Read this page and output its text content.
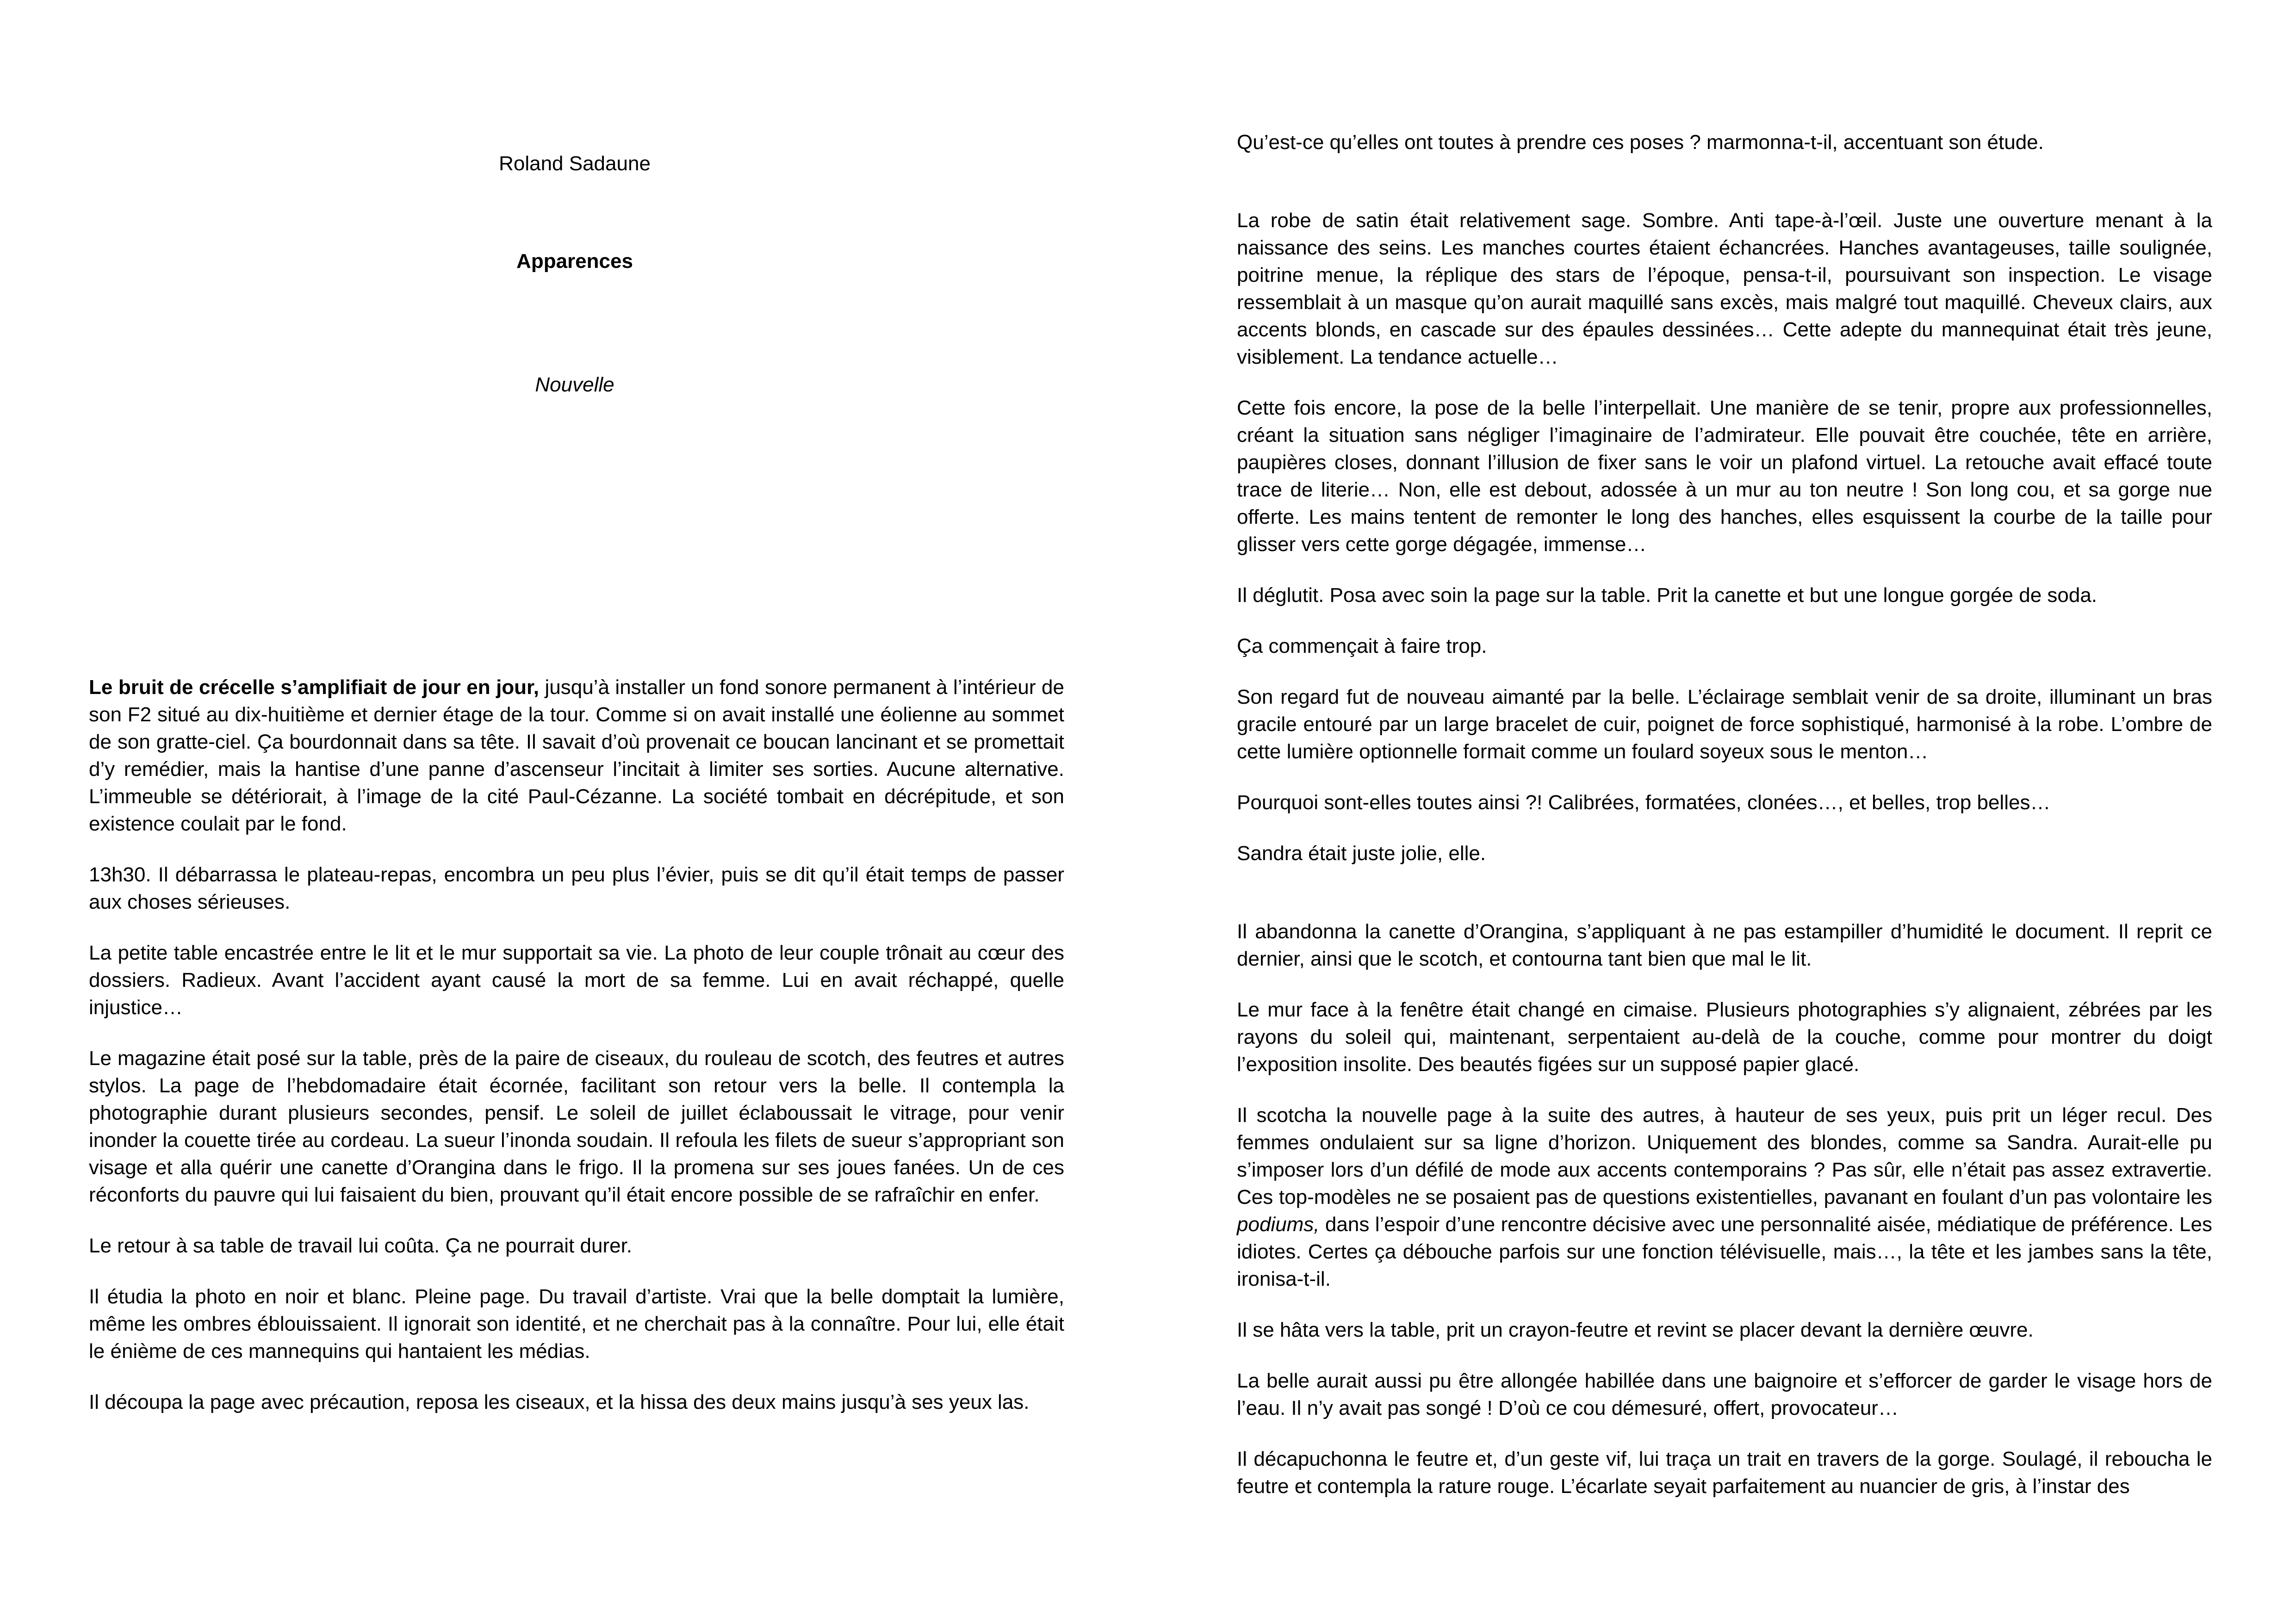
Roland Sadaune
Apparences
Nouvelle

Le bruit de crécelle s’amplifiait de jour en jour, jusqu’à installer un fond sonore permanent à l’intérieur de son F2 situé au dix-huitième et dernier étage de la tour. Comme si on avait installé une éolienne au sommet de son gratte-ciel. Ça bourdonnait dans sa tête. Il savait d’où provenait ce boucan lancinant et se promettait d’y remédier, mais la hantise d’une panne d’ascenseur l’incitait à limiter ses sorties. Aucune alternative. L’immeuble se détériorait, à l’image de la cité Paul-Cézanne. La société tombait en décrépitude, et son existence coulait par le fond.

13h30. Il débarrassa le plateau-repas, encombra un peu plus l’évier, puis se dit qu’il était temps de passer aux choses sérieuses.

La petite table encastrée entre le lit et le mur supportait sa vie. La photo de leur couple trônait au cœur des dossiers. Radieux. Avant l’accident ayant causé la mort de sa femme. Lui en avait réchappé, quelle injustice…

Le magazine était posé sur la table, près de la paire de ciseaux, du rouleau de scotch, des feutres et autres stylos. La page de l’hebdomadaire était écornée, facilitant son retour vers la belle. Il contempla la photographie durant plusieurs secondes, pensif. Le soleil de juillet éclaboussait le vitrage, pour venir inonder la couette tirée au cordeau. La sueur l’inonda soudain. Il refoula les filets de sueur s’appropriant son visage et alla quérir une canette d’Orangina dans le frigo. Il la promena sur ses joues fanées. Un de ces réconforts du pauvre qui lui faisaient du bien, prouvant qu’il était encore possible de se rafraîchir en enfer.

Le retour à sa table de travail lui coûta. Ça ne pourrait durer.

Il étudia la photo en noir et blanc. Pleine page. Du travail d’artiste. Vrai que la belle domptait la lumière, même les ombres éblouissaient. Il ignorait son identité, et ne cherchait pas à la connaître. Pour lui, elle était le énième de ces mannequins qui hantaient les médias.

Il découpa la page avec précaution, reposa les ciseaux, et la hissa des deux mains jusqu’à ses yeux las.

Qu’est-ce qu’elles ont toutes à prendre ces poses ? marmonna-t-il, accentuant son étude.

La robe de satin était relativement sage. Sombre. Anti tape-à-l’œil. Juste une ouverture menant à la naissance des seins. Les manches courtes étaient échancrées. Hanches avantageuses, taille soulignée, poitrine menue, la réplique des stars de l’époque, pensa-t-il, poursuivant son inspection. Le visage ressemblait à un masque qu’on aurait maquillé sans excès, mais malgré tout maquillé. Cheveux clairs, aux accents blonds, en cascade sur des épaules dessinées… Cette adepte du mannequinat était très jeune, visiblement. La tendance actuelle…

Cette fois encore, la pose de la belle l’interpellait. Une manière de se tenir, propre aux professionnelles, créant la situation sans négliger l’imaginaire de l’admirateur. Elle pouvait être couchée, tête en arrière, paupières closes, donnant l’illusion de fixer sans le voir un plafond virtuel. La retouche avait effacé toute trace de literie… Non, elle est debout, adossée à un mur au ton neutre ! Son long cou, et sa gorge nue offerte. Les mains tentent de remonter le long des hanches, elles esquissent la courbe de la taille pour glisser vers cette gorge dégagée, immense…

Il déglutit. Posa avec soin la page sur la table. Prit la canette et but une longue gorgée de soda.

Ça commençait à faire trop.

Son regard fut de nouveau aimanté par la belle. L’éclairage semblait venir de sa droite, illuminant un bras gracile entouré par un large bracelet de cuir, poignet de force sophistiqué, harmonisé à la robe. L’ombre de cette lumière optionnelle formait comme un foulard soyeux sous le menton…

Pourquoi sont-elles toutes ainsi ?! Calibrées, formatées, clonées…, et belles, trop belles…

Sandra était juste jolie, elle.

Il abandonna la canette d’Orangina, s’appliquant à ne pas estampiller d’humidité le document. Il reprit ce dernier, ainsi que le scotch, et contourna tant bien que mal le lit.

Le mur face à la fenêtre était changé en cimaise. Plusieurs photographies s’y alignaient, zébrées par les rayons du soleil qui, maintenant, serpentaient au-delà de la couche, comme pour montrer du doigt l’exposition insolite. Des beautés figées sur un supposé papier glacé.

Il scotcha la nouvelle page à la suite des autres, à hauteur de ses yeux, puis prit un léger recul. Des femmes ondulaient sur sa ligne d’horizon. Uniquement des blondes, comme sa Sandra. Aurait-elle pu s’imposer lors d’un défilé de mode aux accents contemporains ? Pas sûr, elle n’était pas assez extravertie. Ces top-modèles ne se posaient pas de questions existentielles, pavanant en foulant d’un pas volontaire les podiums, dans l’espoir d’une rencontre décisive avec une personnalité aisée, médiatique de préférence. Les idiotes. Certes ça débouche parfois sur une fonction télévisuelle, mais…, la tête et les jambes sans la tête, ironisa-t-il.

Il se hâta vers la table, prit un crayon-feutre et revint se placer devant la dernière œuvre.

La belle aurait aussi pu être allongée habillée dans une baignoire et s’efforcer de garder le visage hors de l’eau. Il n’y avait pas songé ! D’où ce cou démesuré, offert, provocateur…

Il décapuchonna le feutre et, d’un geste vif, lui traça un trait en travers de la gorge. Soulagé, il reboucha le feutre et contempla la rature rouge. L’écarlate seyait parfaitement au nuancier de gris, à l’instar des
